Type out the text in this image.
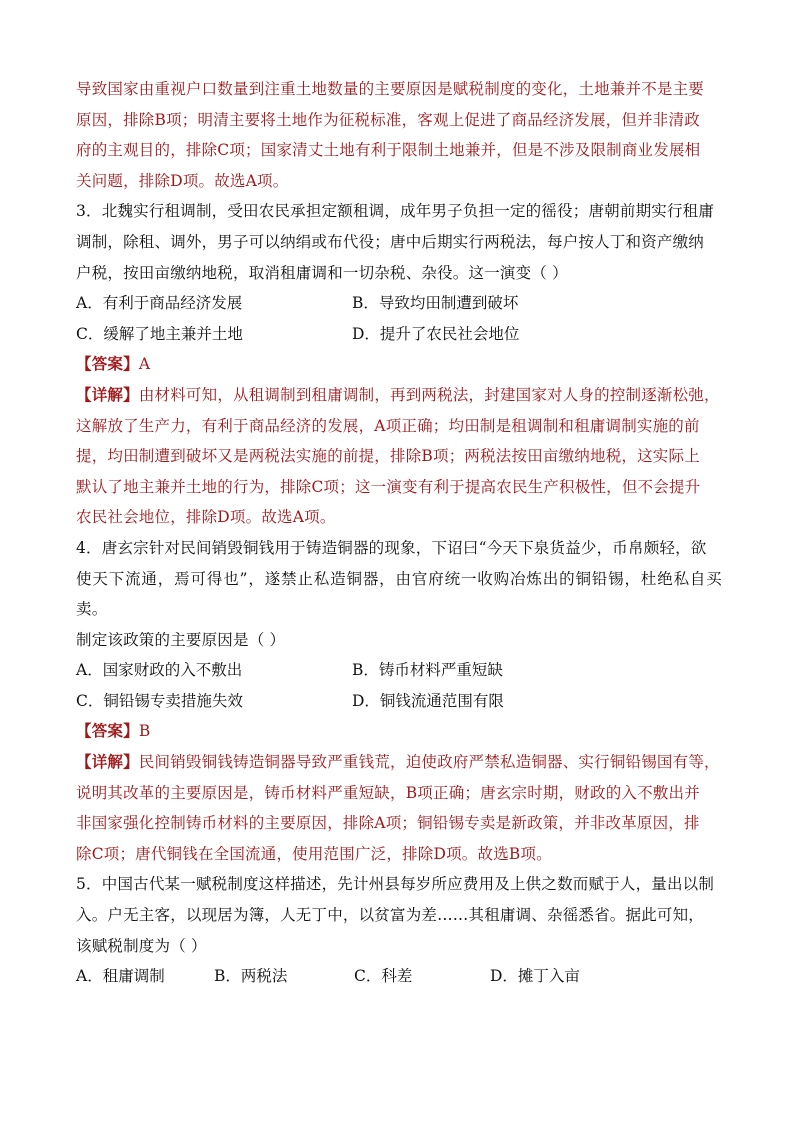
导致国家由重视户口数量到注重土地数量的主要原因是赋税制度的变化，土地兼并不是主要

原因，排除B项；明清主要将土地作为征税标准，客观上促进了商品经济发展，但并非清政

府的主观目的，排除C项；国家清丈土地有利于限制土地兼并，但是不涉及限制商业发展相

关问题，排除D项。故选A项。

3．北魏实行租调制，受田农民承担定额租调，成年男子负担一定的徭役；唐朝前期实行租庸

调制，除租、调外，男子可以纳绢或布代役；唐中后期实行两税法，每户按人丁和资产缴纳

户税，按田亩缴纳地税，取消租庸调和一切杂税、杂役。这一演变（ ）

A．有利于商品经济发展	B．导致均田制遭到破坏
C．缓解了地主兼并土地	D．提升了农民社会地位

【答案】A

【详解】由材料可知，从租调制到租庸调制，再到两税法，封建国家对人身的控制逐渐松弛，

这解放了生产力，有利于商品经济的发展，A项正确；均田制是租调制和租庸调制实施的前

提，均田制遭到破坏又是两税法实施的前提，排除B项；两税法按田亩缴纳地税，这实际上

默认了地主兼并土地的行为，排除C项；这一演变有利于提高农民生产积极性，但不会提升

农民社会地位，排除D项。故选A项。

4．唐玄宗针对民间销毁铜钱用于铸造铜器的现象，下诏曰“今天下泉货益少，币帛颇轻，欲

使天下流通，焉可得也”，遂禁止私造铜器，由官府统一收购冶炼出的铜铅锡，杜绝私自买卖。

制定该政策的主要原因是（ ）

A．国家财政的入不敷出	B．铸币材料严重短缺
C．铜铅锡专卖措施失效	D．铜钱流通范围有限

【答案】B

【详解】民间销毁铜钱铸造铜器导致严重钱荒，迫使政府严禁私造铜器、实行铜铅锡国有等，

说明其改革的主要原因是，铸币材料严重短缺，B项正确；唐玄宗时期，财政的入不敷出并

非国家强化控制铸币材料的主要原因，排除A项；铜铅锡专卖是新政策，并非改革原因，排

除C项；唐代铜钱在全国流通，使用范围广泛，排除D项。故选B项。

5．中国古代某一赋税制度这样描述，先计州县每岁所应费用及上供之数而赋于人，量出以制

入。户无主客，以现居为簿，人无丁中，以贫富为差……其租庸调、杂徭悉省。据此可知，

该赋税制度为（ ）

A．租庸调制	B．两税法	C．科差	D．摊丁入亩
